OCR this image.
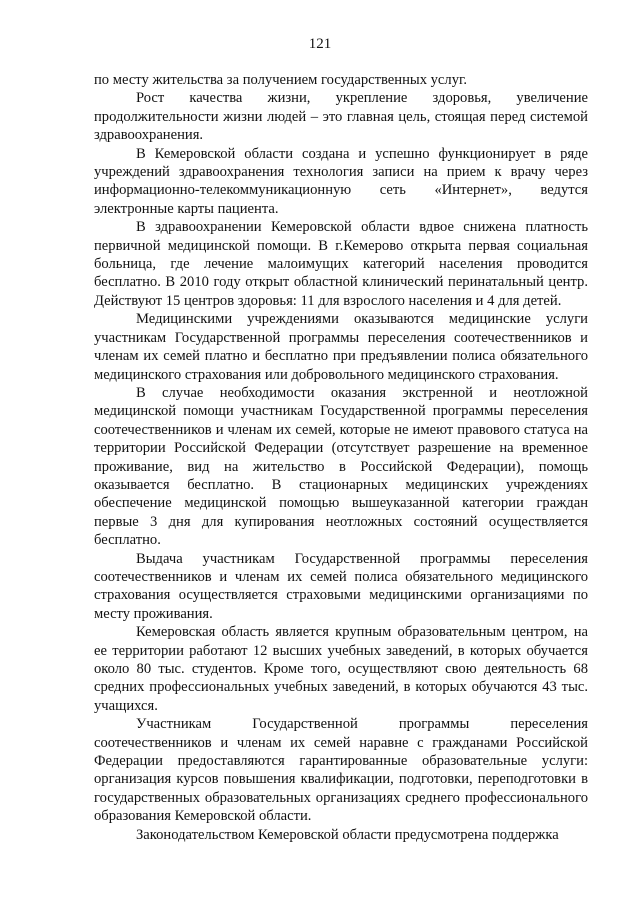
121

по месту жительства за получением государственных услуг.

Рост качества жизни, укрепление здоровья, увеличение продолжительности жизни людей – это главная цель, стоящая перед системой здравоохранения.

В Кемеровской области создана и успешно функционирует в ряде учреждений здравоохранения технология записи на прием к врачу через информационно-телекоммуникационную сеть «Интернет», ведутся электронные карты пациента.

В здравоохранении Кемеровской области вдвое снижена платность первичной медицинской помощи. В г.Кемерово открыта первая социальная больница, где лечение малоимущих категорий населения проводится бесплатно. В 2010 году открыт областной клинический перинатальный центр. Действуют 15 центров здоровья: 11 для взрослого населения и 4 для детей.

Медицинскими учреждениями оказываются медицинские услуги участникам Государственной программы переселения соотечественников и членам их семей платно и бесплатно при предъявлении полиса обязательного медицинского страхования или добровольного медицинского страхования.

В случае необходимости оказания экстренной и неотложной медицинской помощи участникам Государственной программы переселения соотечественников и членам их семей, которые не имеют правового статуса на территории Российской Федерации (отсутствует разрешение на временное проживание, вид на жительство в Российской Федерации), помощь оказывается бесплатно. В стационарных медицинских учреждениях обеспечение медицинской помощью вышеуказанной категории граждан первые 3 дня для купирования неотложных состояний осуществляется бесплатно.

Выдача участникам Государственной программы переселения соотечественников и членам их семей полиса обязательного медицинского страхования осуществляется страховыми медицинскими организациями по месту проживания.

Кемеровская область является крупным образовательным центром, на ее территории работают 12 высших учебных заведений, в которых обучается около 80 тыс. студентов. Кроме того, осуществляют свою деятельность 68 средних профессиональных учебных заведений, в которых обучаются 43 тыс. учащихся.

Участникам Государственной программы переселения соотечественников и членам их семей наравне с гражданами Российской Федерации предоставляются гарантированные образовательные услуги: организация курсов повышения квалификации, подготовки, переподготовки в государственных образовательных организациях среднего профессионального образования Кемеровской области.

Законодательством Кемеровской области предусмотрена поддержка
